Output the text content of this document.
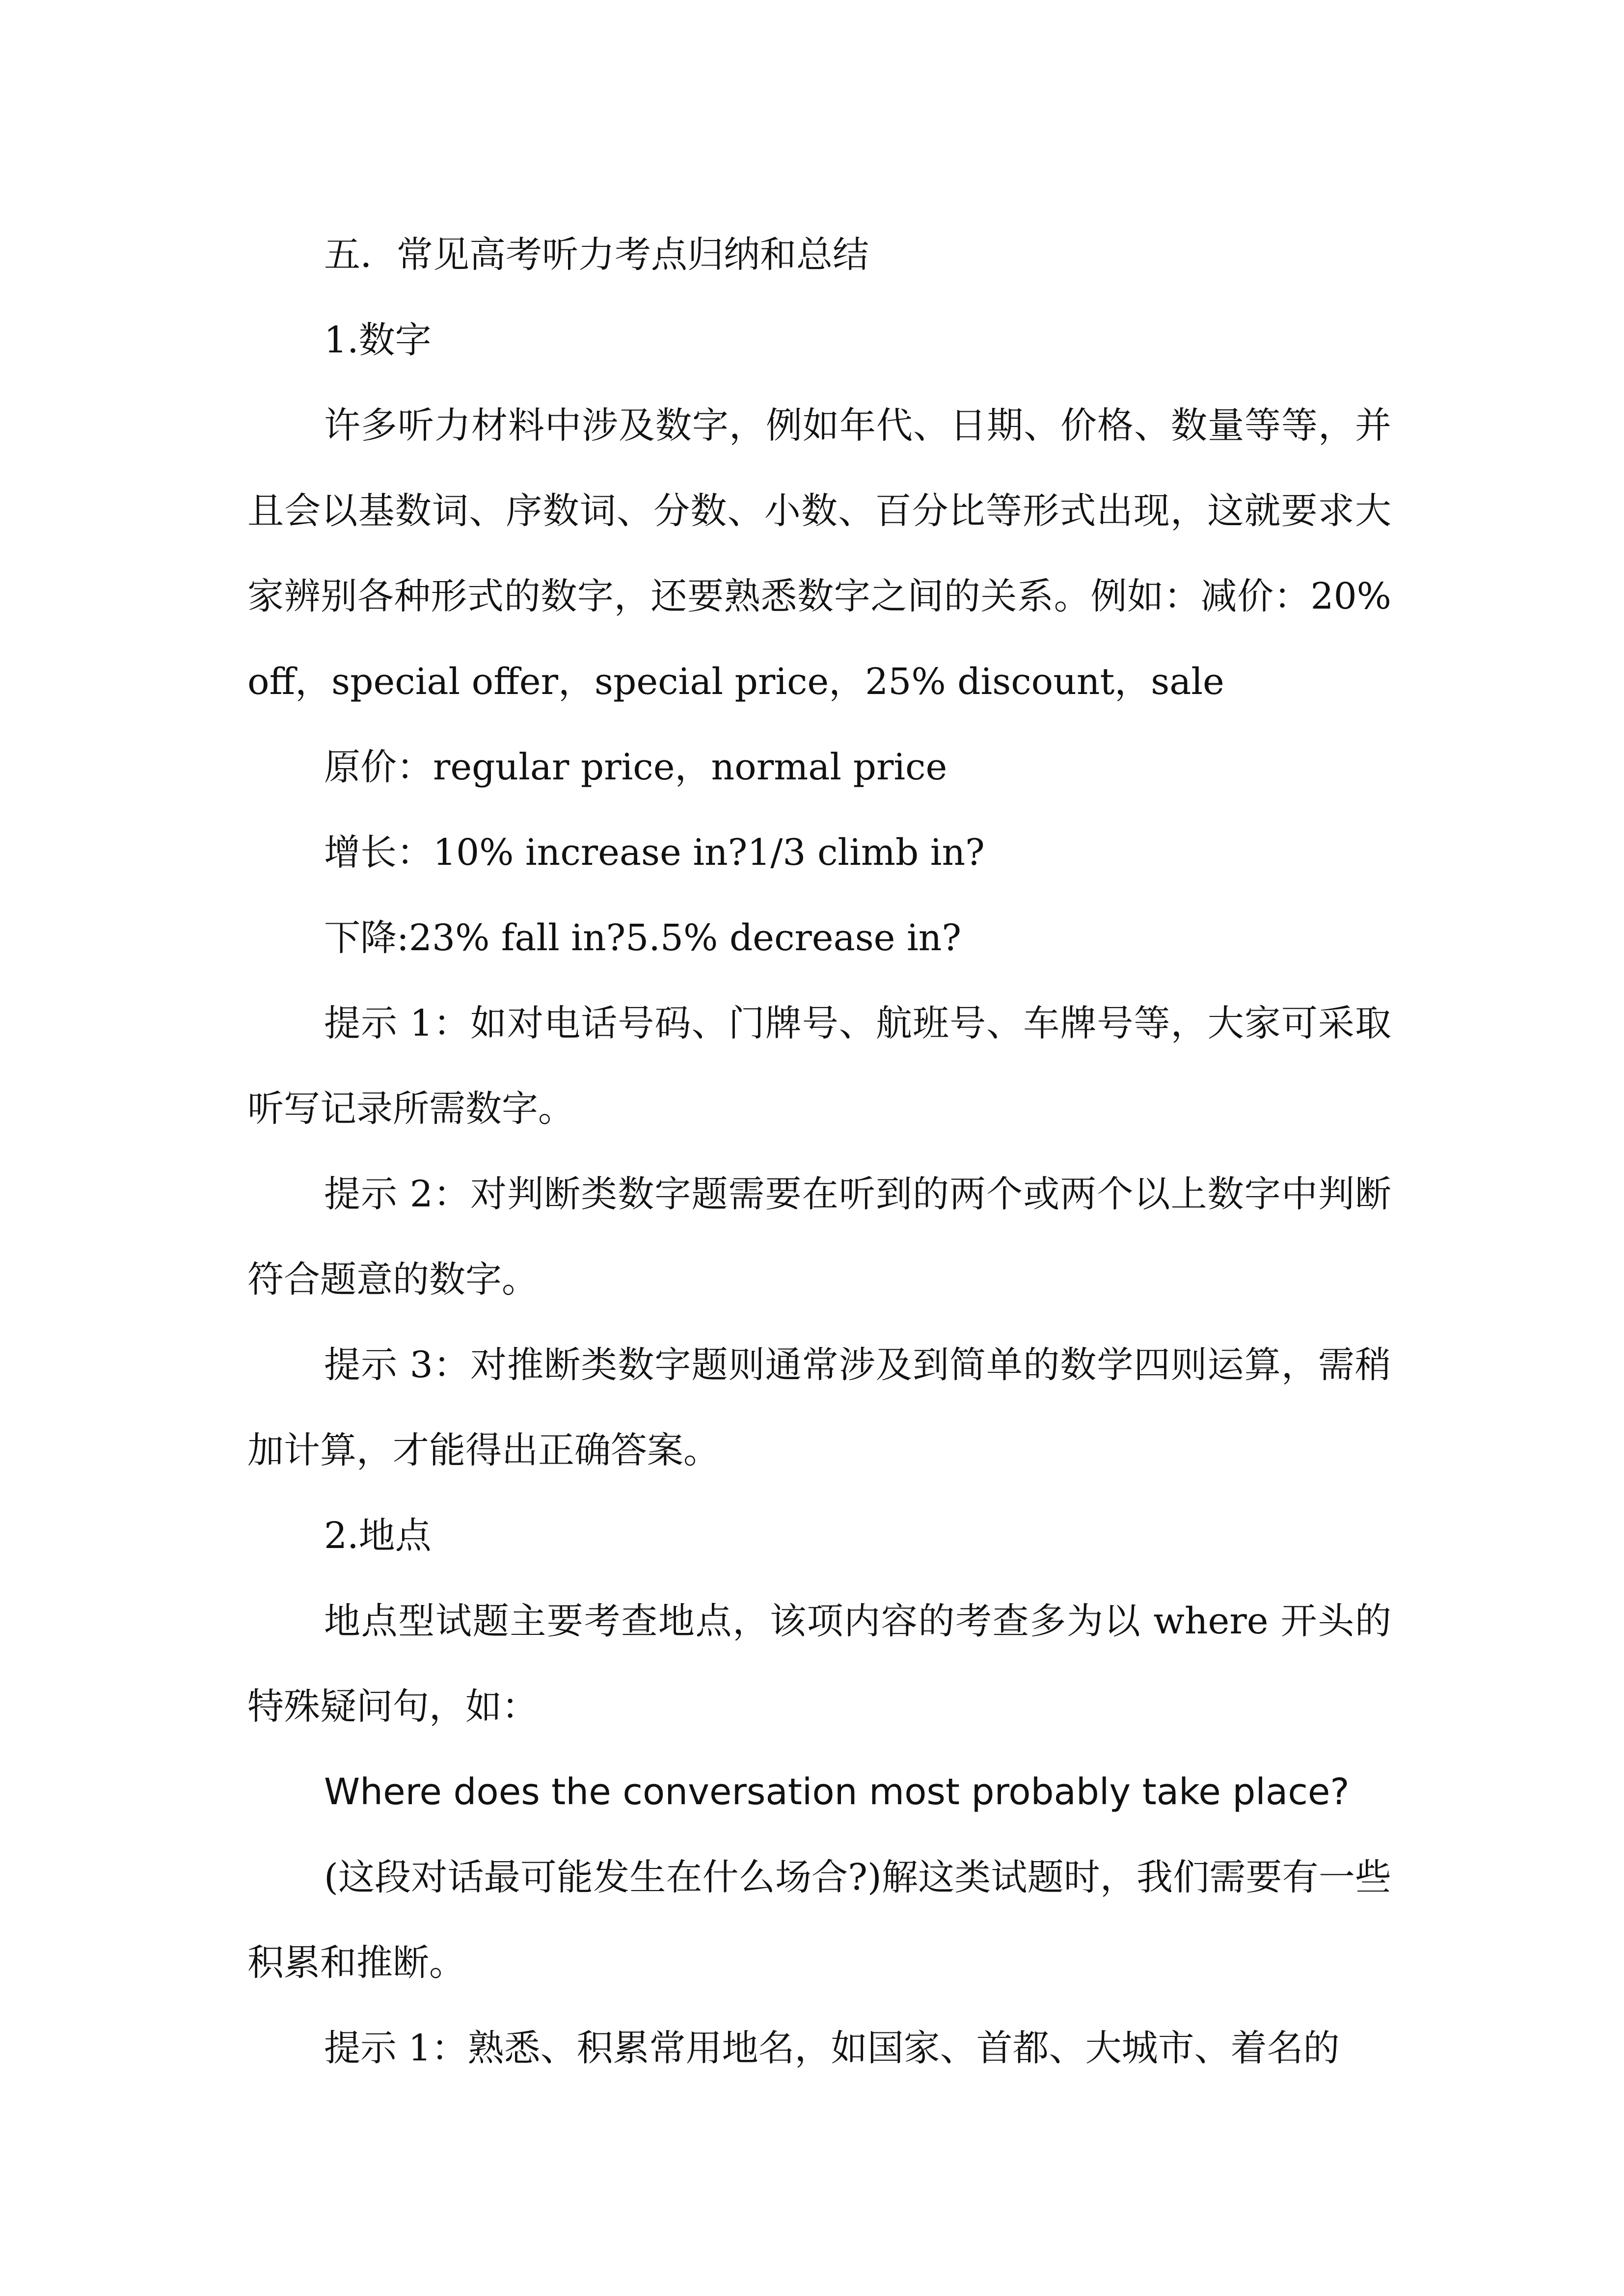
五．常见高考听力考点归纳和总结

1.数字

许多听力材料中涉及数字，例如年代、日期、价格、数量等等，并且会以基数词、序数词、分数、小数、百分比等形式出现，这就要求大家辨别各种形式的数字，还要熟悉数字之间的关系。例如：减价：20%off，special offer，special price，25% discount，sale

原价：regular price，normal price

增长：10% increase in?1/3 climb in?

下降:23% fall in?5.5% decrease in?

提示 1：如对电话号码、门牌号、航班号、车牌号等，大家可采取听写记录所需数字。

提示 2：对判断类数字题需要在听到的两个或两个以上数字中判断符合题意的数字。

提示 3：对推断类数字题则通常涉及到简单的数学四则运算，需稍加计算，才能得出正确答案。

2.地点

地点型试题主要考查地点，该项内容的考查多为以 where 开头的特殊疑问句，如：

Where does the conversation most probably take place?

(这段对话最可能发生在什么场合?)解这类试题时，我们需要有一些积累和推断。

提示 1：熟悉、积累常用地名，如国家、首都、大城市、着名的
